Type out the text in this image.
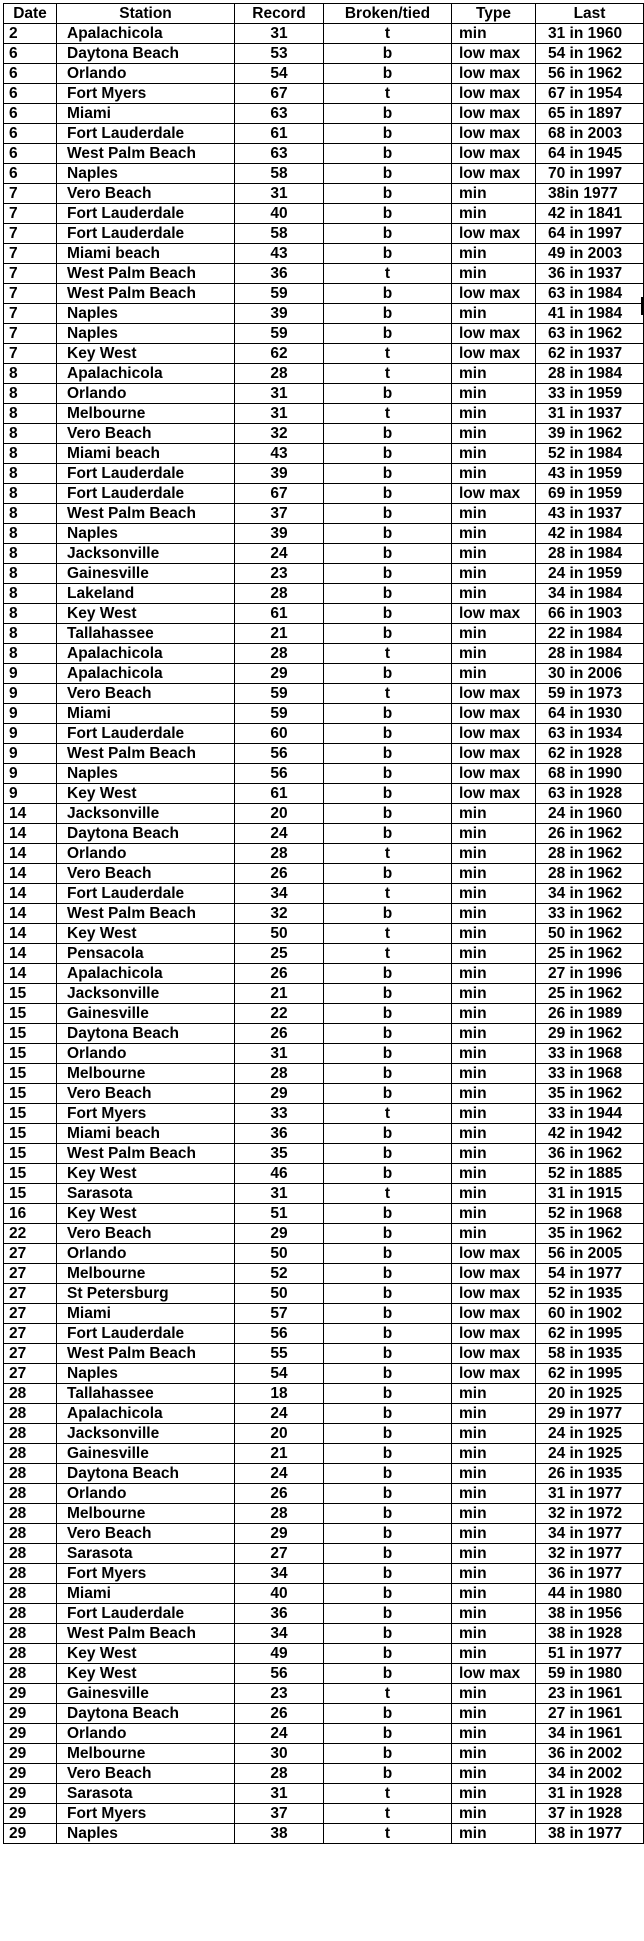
Date	Station	Record	Broken/tied	Type	Last
2	Apalachicola	31	t	min	31 in 1960
6	Daytona Beach	53	b	low max	54 in 1962
6	Orlando	54	b	low max	56 in 1962
6	Fort Myers	67	t	low max	67 in 1954
6	Miami	63	b	low max	65 in 1897
6	Fort Lauderdale	61	b	low max	68 in 2003
6	West Palm Beach	63	b	low max	64 in 1945
6	Naples	58	b	low max	70 in 1997
7	Vero Beach	31	b	min	38in 1977
7	Fort Lauderdale	40	b	min	42 in 1841
7	Fort Lauderdale	58	b	low max	64 in 1997
7	Miami beach	43	b	min	49 in 2003
7	West Palm Beach	36	t	min	36 in 1937
7	West Palm Beach	59	b	low max	63 in 1984
7	Naples	39	b	min	41 in 1984
7	Naples	59	b	low max	63 in 1962
7	Key West	62	t	low max	62 in 1937
8	Apalachicola	28	t	min	28 in 1984
8	Orlando	31	b	min	33 in 1959
8	Melbourne	31	t	min	31 in 1937
8	Vero Beach	32	b	min	39 in 1962
8	Miami beach	43	b	min	52 in 1984
8	Fort Lauderdale	39	b	min	43 in 1959
8	Fort Lauderdale	67	b	low max	69 in 1959
8	West Palm Beach	37	b	min	43 in 1937
8	Naples	39	b	min	42 in 1984
8	Jacksonville	24	b	min	28 in 1984
8	Gainesville	23	b	min	24 in 1959
8	Lakeland	28	b	min	34 in 1984
8	Key West	61	b	low max	66 in 1903
8	Tallahassee	21	b	min	22 in 1984
8	Apalachicola	28	t	min	28 in 1984
9	Apalachicola	29	b	min	30 in 2006
9	Vero Beach	59	t	low max	59 in 1973
9	Miami	59	b	low max	64 in 1930
9	Fort Lauderdale	60	b	low max	63 in 1934
9	West Palm Beach	56	b	low max	62 in 1928
9	Naples	56	b	low max	68 in 1990
9	Key West	61	b	low max	63 in 1928
14	Jacksonville	20	b	min	24 in 1960
14	Daytona Beach	24	b	min	26 in 1962
14	Orlando	28	t	min	28 in 1962
14	Vero Beach	26	b	min	28 in 1962
14	Fort Lauderdale	34	t	min	34 in 1962
14	West Palm Beach	32	b	min	33 in 1962
14	Key West	50	t	min	50 in 1962
14	Pensacola	25	t	min	25 in 1962
14	Apalachicola	26	b	min	27 in 1996
15	Jacksonville	21	b	min	25 in 1962
15	Gainesville	22	b	min	26 in 1989
15	Daytona Beach	26	b	min	29 in 1962
15	Orlando	31	b	min	33 in 1968
15	Melbourne	28	b	min	33 in 1968
15	Vero Beach	29	b	min	35 in 1962
15	Fort Myers	33	t	min	33 in 1944
15	Miami beach	36	b	min	42 in 1942
15	West Palm Beach	35	b	min	36 in 1962
15	Key West	46	b	min	52 in 1885
15	Sarasota	31	t	min	31 in 1915
16	Key West	51	b	min	52 in 1968
22	Vero Beach	29	b	min	35 in 1962
27	Orlando	50	b	low max	56 in 2005
27	Melbourne	52	b	low max	54 in 1977
27	St Petersburg	50	b	low max	52 in 1935
27	Miami	57	b	low max	60 in 1902
27	Fort Lauderdale	56	b	low max	62 in 1995
27	West Palm Beach	55	b	low max	58 in 1935
27	Naples	54	b	low max	62 in 1995
28	Tallahassee	18	b	min	20 in 1925
28	Apalachicola	24	b	min	29 in 1977
28	Jacksonville	20	b	min	24 in 1925
28	Gainesville	21	b	min	24 in 1925
28	Daytona Beach	24	b	min	26 in 1935
28	Orlando	26	b	min	31 in 1977
28	Melbourne	28	b	min	32 in 1972
28	Vero Beach	29	b	min	34 in 1977
28	Sarasota	27	b	min	32 in 1977
28	Fort Myers	34	b	min	36 in 1977
28	Miami	40	b	min	44 in 1980
28	Fort Lauderdale	36	b	min	38 in 1956
28	West Palm Beach	34	b	min	38 in 1928
28	Key West	49	b	min	51 in 1977
28	Key West	56	b	low max	59 in 1980
29	Gainesville	23	t	min	23 in 1961
29	Daytona Beach	26	b	min	27 in 1961
29	Orlando	24	b	min	34 in 1961
29	Melbourne	30	b	min	36 in 2002
29	Vero Beach	28	b	min	34 in 2002
29	Sarasota	31	t	min	31 in 1928
29	Fort Myers	37	t	min	37 in 1928
29	Naples	38	t	min	38 in 1977
